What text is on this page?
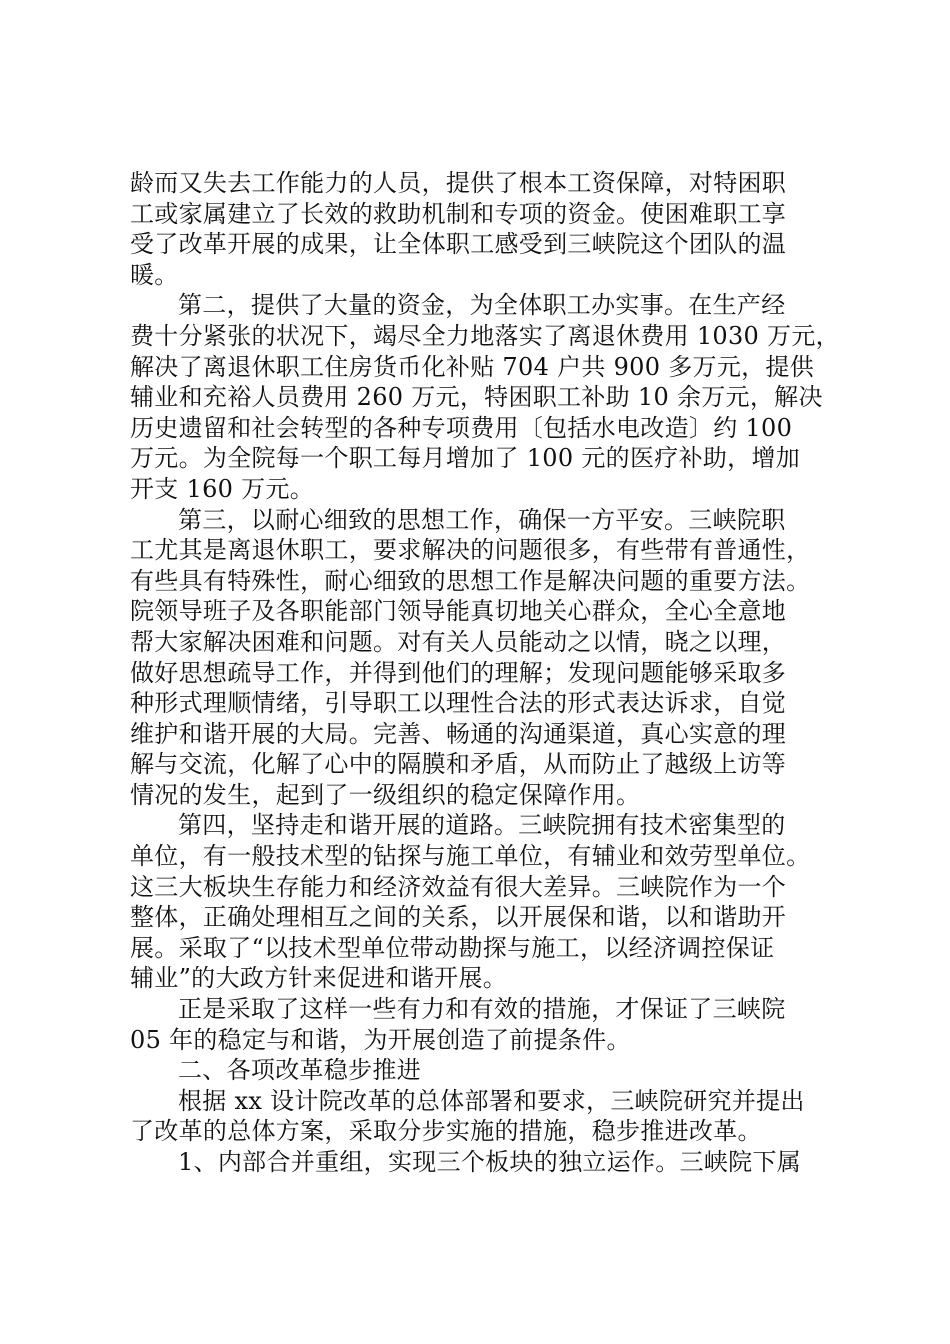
龄而又失去工作能力的人员，提供了根本工资保障，对特困职
工或家属建立了长效的救助机制和专项的资金。使困难职工享
受了改革开展的成果，让全体职工感受到三峡院这个团队的温
暖。
第二，提供了大量的资金，为全体职工办实事。在生产经
费十分紧张的状况下，竭尽全力地落实了离退休费用 1030 万元，
解决了离退休职工住房货币化补贴 704 户共 900 多万元，提供
辅业和充裕人员费用 260 万元，特困职工补助 10 余万元，解决
历史遗留和社会转型的各种专项费用〔包括水电改造〕约 100
万元。为全院每一个职工每月增加了 100 元的医疗补助，增加
开支 160 万元。
第三，以耐心细致的思想工作，确保一方平安。三峡院职
工尤其是离退休职工，要求解决的问题很多，有些带有普通性，
有些具有特殊性，耐心细致的思想工作是解决问题的重要方法。
院领导班子及各职能部门领导能真切地关心群众，全心全意地
帮大家解决困难和问题。对有关人员能动之以情，晓之以理，
做好思想疏导工作，并得到他们的理解；发现问题能够采取多
种形式理顺情绪，引导职工以理性合法的形式表达诉求，自觉
维护和谐开展的大局。完善、畅通的沟通渠道，真心实意的理
解与交流，化解了心中的隔膜和矛盾，从而防止了越级上访等
情况的发生，起到了一级组织的稳定保障作用。
第四，坚持走和谐开展的道路。三峡院拥有技术密集型的
单位，有一般技术型的钻探与施工单位，有辅业和效劳型单位。
这三大板块生存能力和经济效益有很大差异。三峡院作为一个
整体，正确处理相互之间的关系，以开展保和谐，以和谐助开
展。采取了“以技术型单位带动勘探与施工，以经济调控保证
辅业”的大政方针来促进和谐开展。
正是采取了这样一些有力和有效的措施，才保证了三峡院
05 年的稳定与和谐，为开展创造了前提条件。
二、各项改革稳步推进
根据 xx 设计院改革的总体部署和要求，三峡院研究并提出
了改革的总体方案，采取分步实施的措施，稳步推进改革。
1、内部合并重组，实现三个板块的独立运作。三峡院下属
